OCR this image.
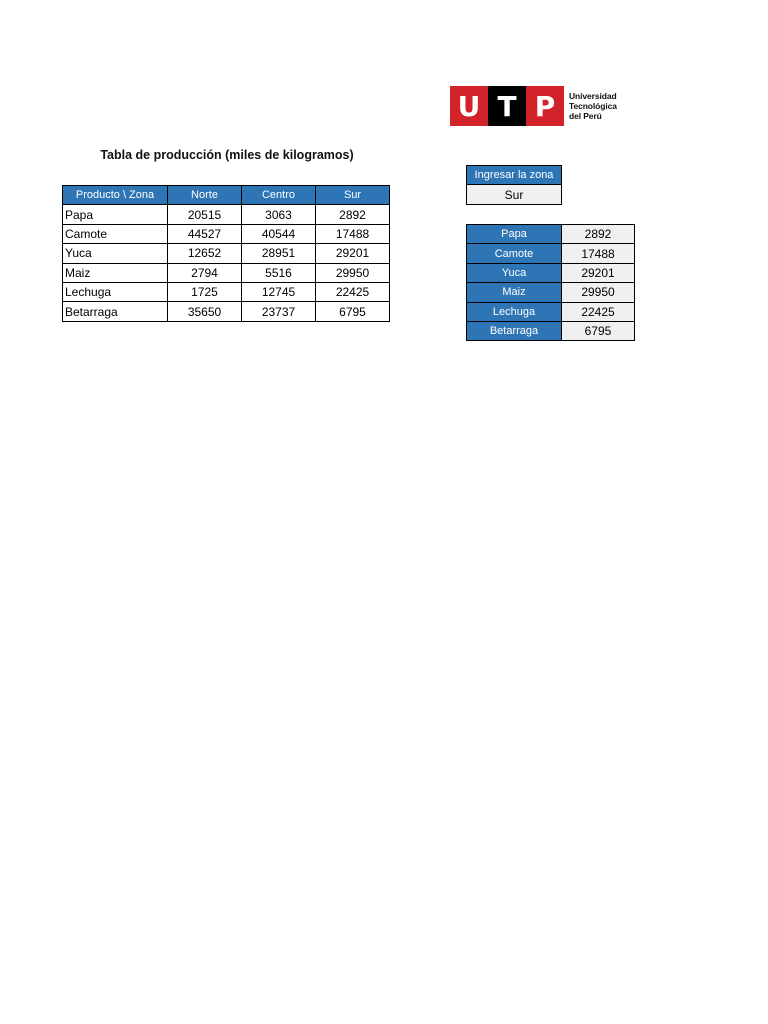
U T P	Universidad
Tecnológica
del Perú
Tabla de producción (miles de kilogramos)
Producto \ Zona	Norte	Centro	Sur
Papa	20515	3063	2892
Camote	44527	40544	17488
Yuca	12652	28951	29201
Maiz	2794	5516	29950
Lechuga	1725	12745	22425
Betarraga	35650	23737	6795
Ingresar la zona
Sur
Papa	2892
Camote	17488
Yuca	29201
Maiz	29950
Lechuga	22425
Betarraga	6795
